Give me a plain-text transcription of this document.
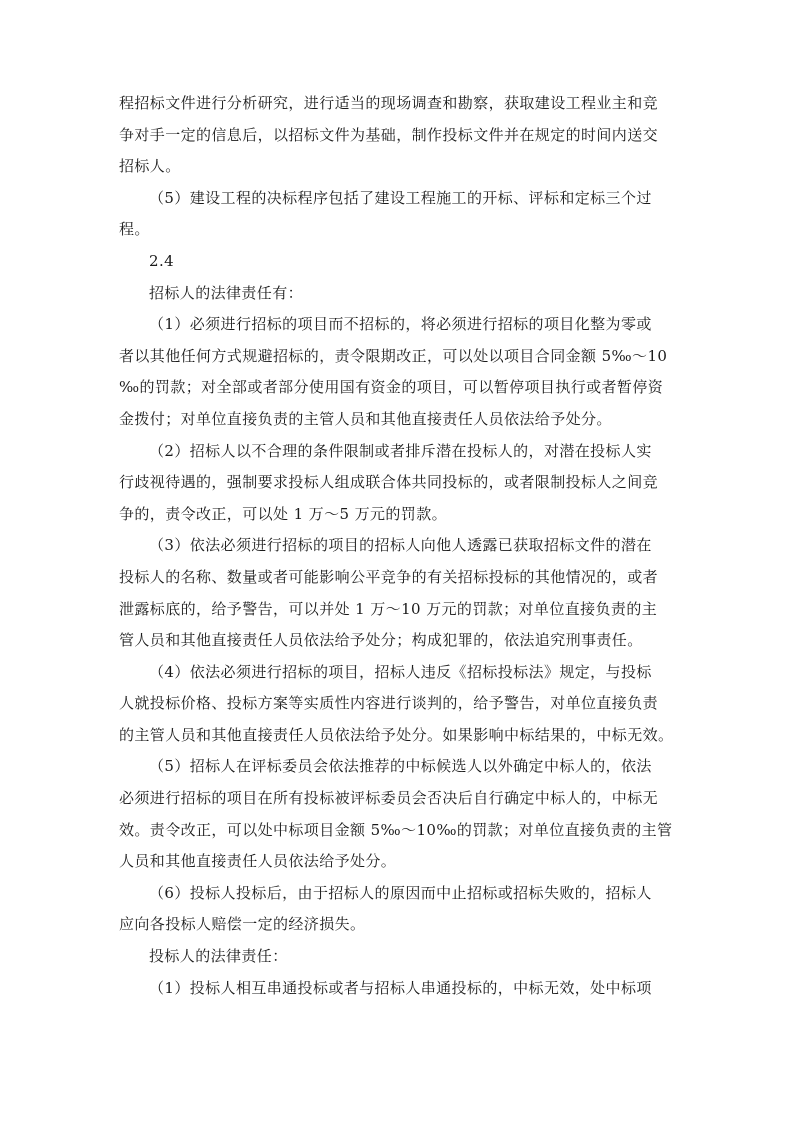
程招标文件进行分析研究，进行适当的现场调查和勘察，获取建设工程业主和竞
争对手一定的信息后，以招标文件为基础，制作投标文件并在规定的时间内送交
招标人。
（5）建设工程的决标程序包括了建设工程施工的开标、评标和定标三个过
程。
2.4
招标人的法律责任有：
（1）必须进行招标的项目而不招标的，将必须进行招标的项目化整为零或
者以其他任何方式规避招标的，责令限期改正，可以处以项目合同金额 5‰～10
‰的罚款；对全部或者部分使用国有资金的项目，可以暂停项目执行或者暂停资
金拨付；对单位直接负责的主管人员和其他直接责任人员依法给予处分。
（2）招标人以不合理的条件限制或者排斥潜在投标人的，对潜在投标人实
行歧视待遇的，强制要求投标人组成联合体共同投标的，或者限制投标人之间竞
争的，责令改正，可以处 1 万～5 万元的罚款。
（3）依法必须进行招标的项目的招标人向他人透露已获取招标文件的潜在
投标人的名称、数量或者可能影响公平竞争的有关招标投标的其他情况的，或者
泄露标底的，给予警告，可以并处 1 万～10 万元的罚款；对单位直接负责的主
管人员和其他直接责任人员依法给予处分；构成犯罪的，依法追究刑事责任。
（4）依法必须进行招标的项目，招标人违反《招标投标法》规定，与投标
人就投标价格、投标方案等实质性内容进行谈判的，给予警告，对单位直接负责
的主管人员和其他直接责任人员依法给予处分。如果影响中标结果的，中标无效。
（5）招标人在评标委员会依法推荐的中标候选人以外确定中标人的，依法
必须进行招标的项目在所有投标被评标委员会否决后自行确定中标人的，中标无
效。责令改正，可以处中标项目金额 5‰～10‰的罚款；对单位直接负责的主管
人员和其他直接责任人员依法给予处分。
（6）投标人投标后，由于招标人的原因而中止招标或招标失败的，招标人
应向各投标人赔偿一定的经济损失。
投标人的法律责任：
（1）投标人相互串通投标或者与招标人串通投标的，中标无效，处中标项
